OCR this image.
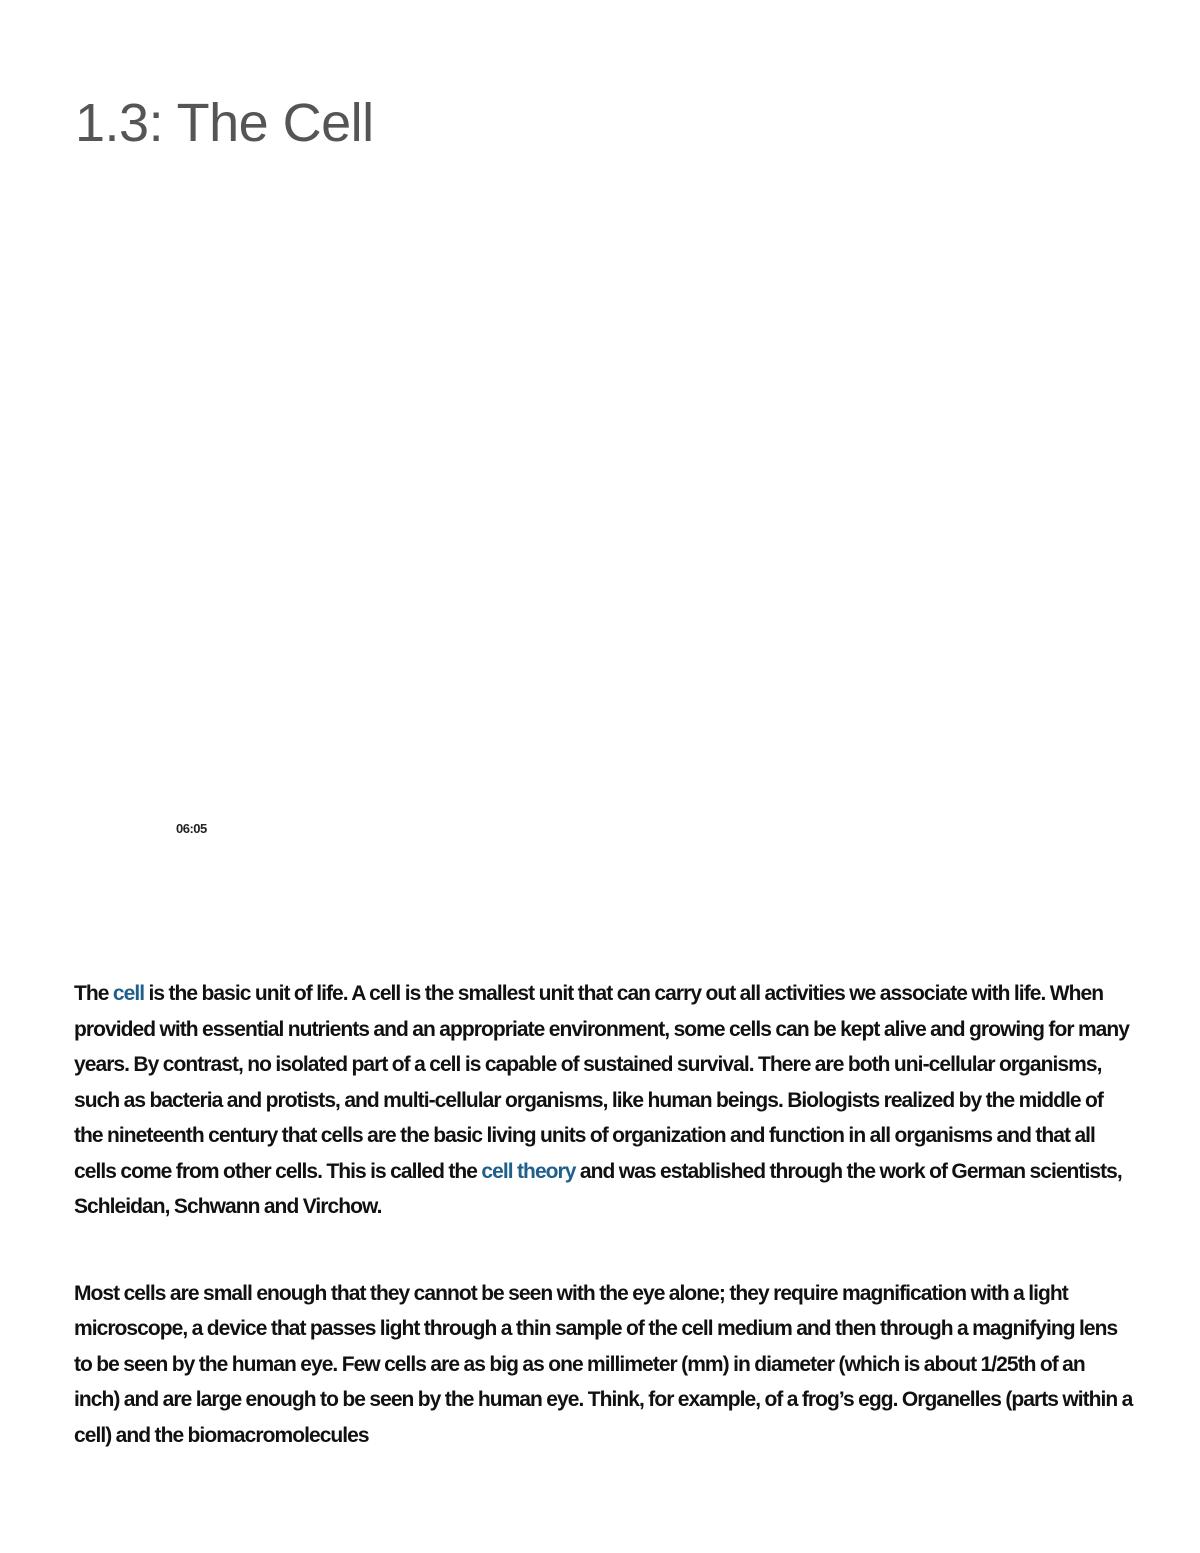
1.3: The Cell
06:05

The cell is the basic unit of life. A cell is the smallest unit that can carry out all activities we associate with life. When provided with essential nutrients and an appropriate environment, some cells can be kept alive and growing for many years. By contrast, no isolated part of a cell is capable of sustained survival. There are both uni-cellular organisms, such as bacteria and protists, and multi-cellular organisms, like human beings. Biologists realized by the middle of the nineteenth century that cells are the basic living units of organization and function in all organisms and that all cells come from other cells. This is called the cell theory and was established through the work of German scientists, Schleidan, Schwann and Virchow.

Most cells are small enough that they cannot be seen with the eye alone; they require magnification with a light microscope, a device that passes light through a thin sample of the cell medium and then through a magnifying lens to be seen by the human eye. Few cells are as big as one millimeter (mm) in diameter (which is about 1/25th of an inch) and are large enough to be seen by the human eye. Think, for example, of a frog’s egg. Organelles (parts within a cell) and the biomacromolecules
